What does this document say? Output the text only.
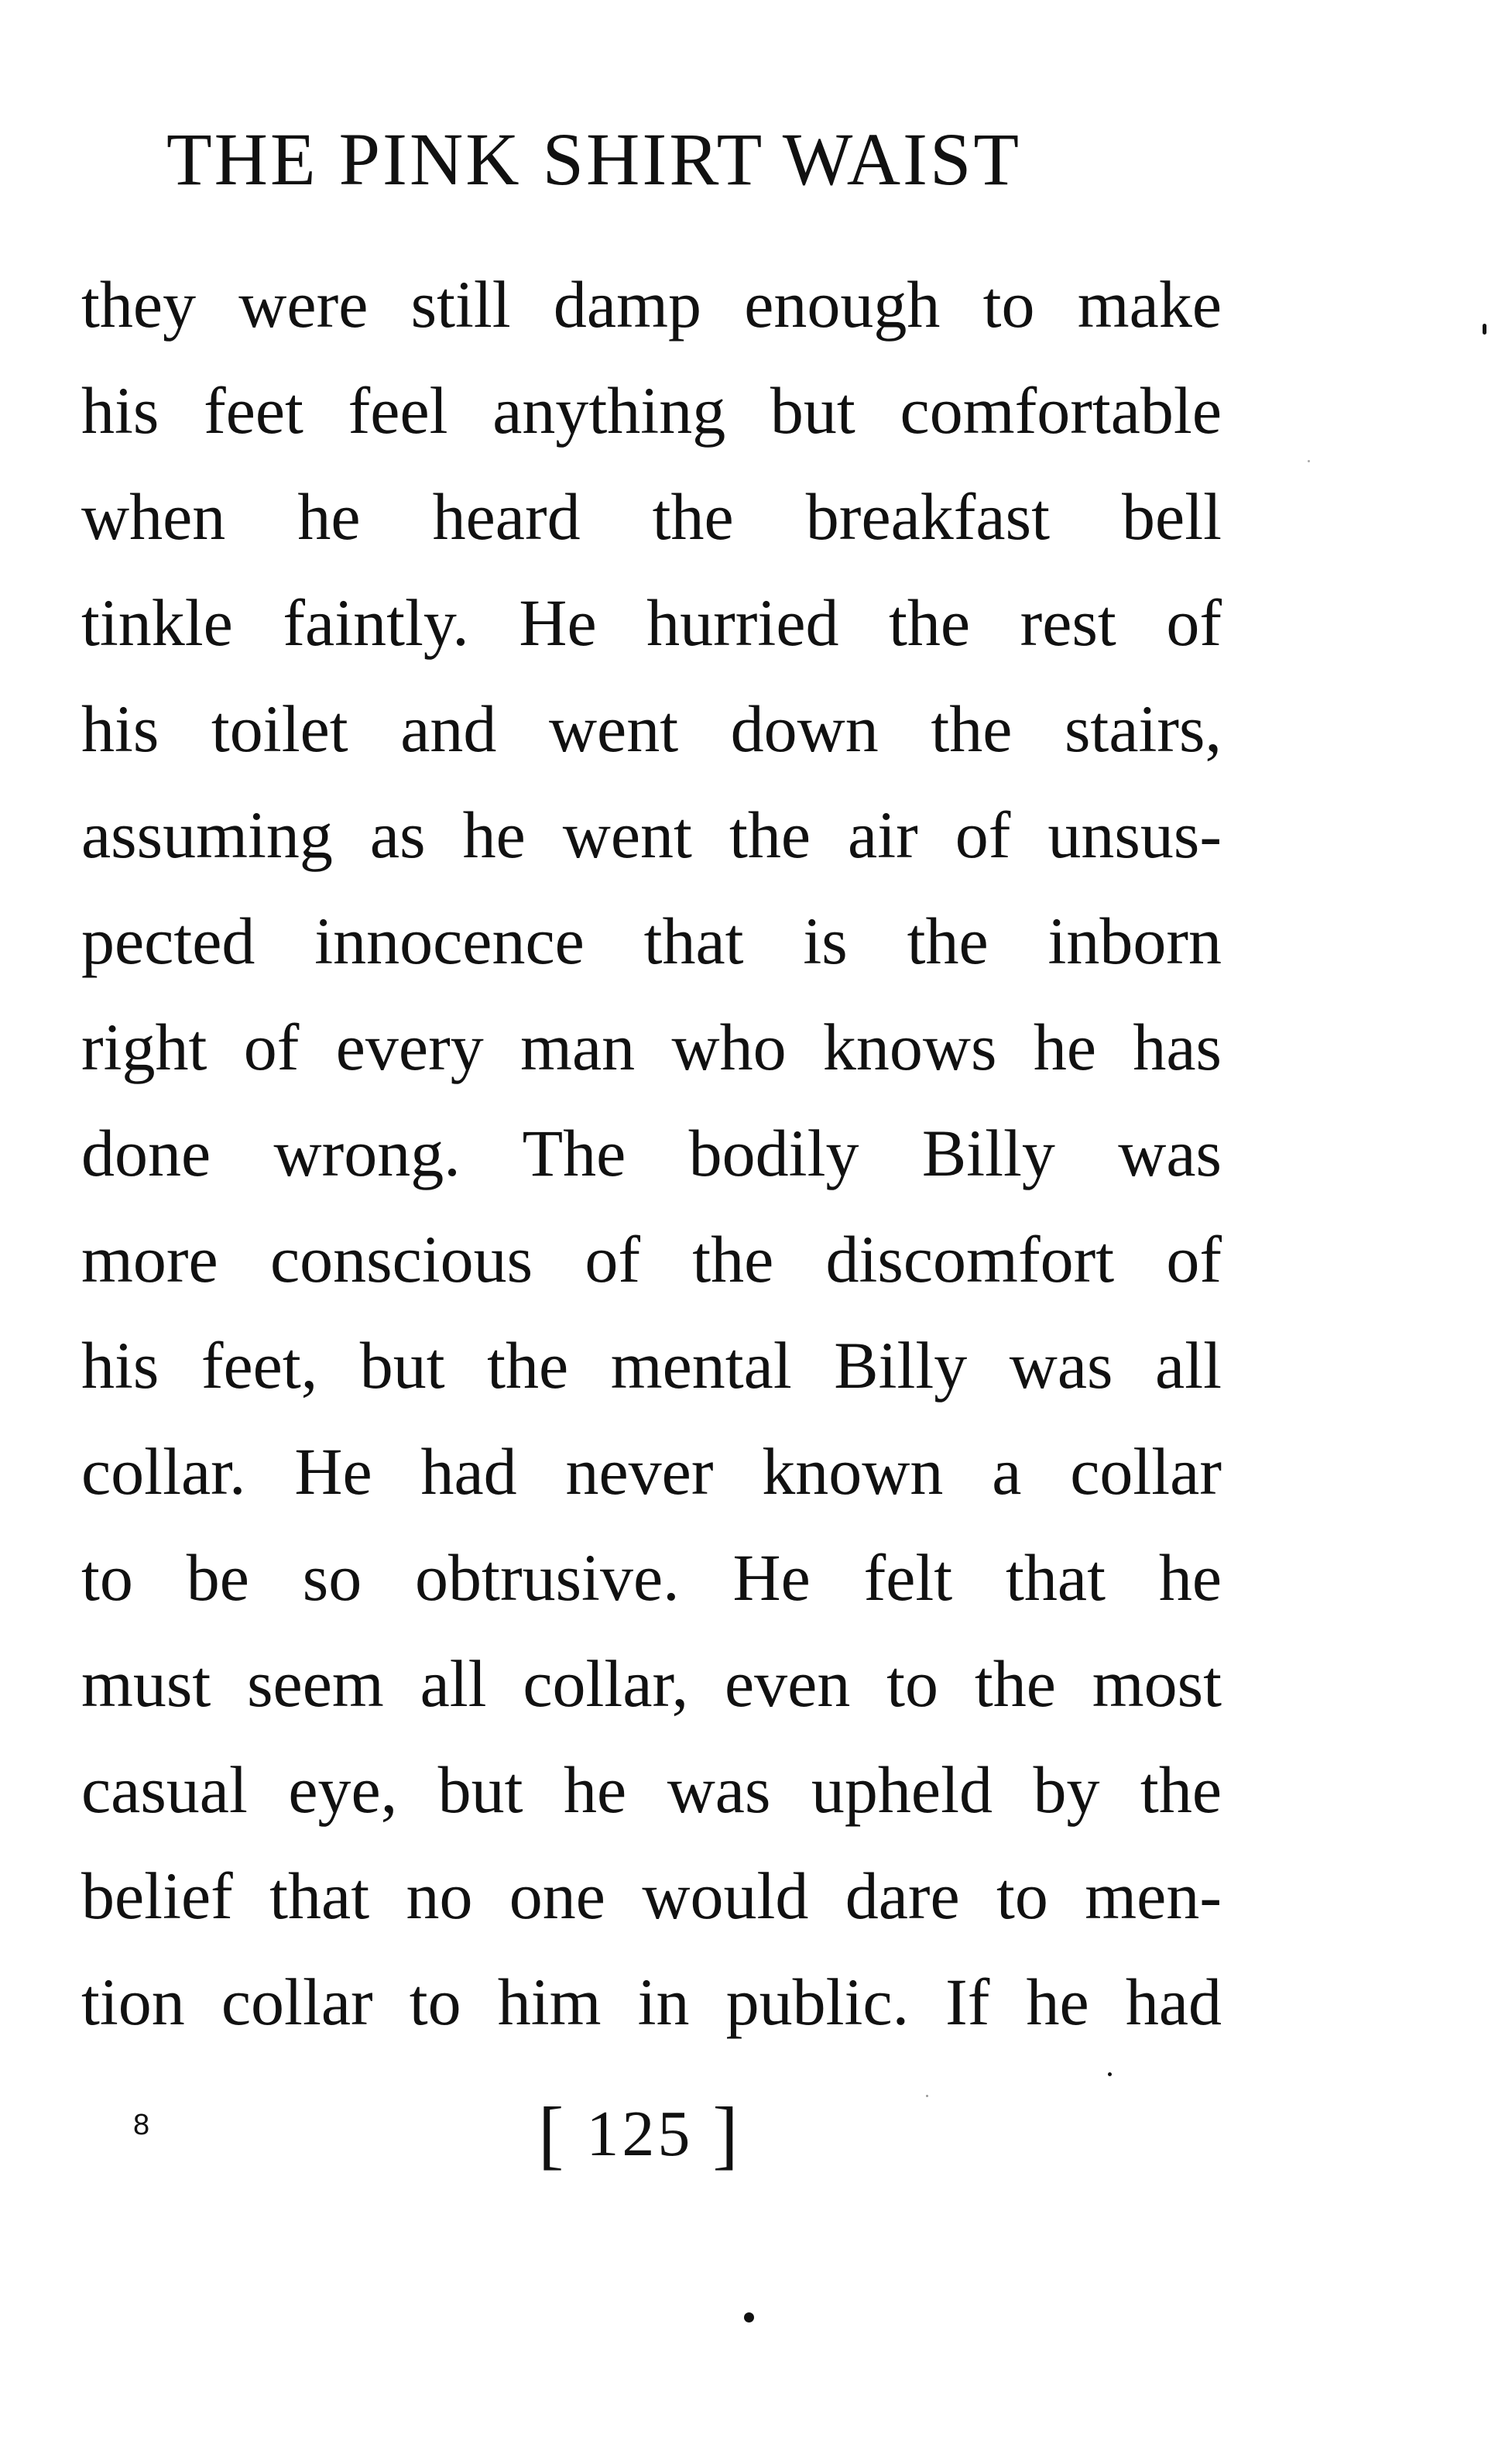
THE PINK SHIRT WAIST
they were still damp enough to make
his feet feel anything but comfortable
when he heard the breakfast bell
tinkle faintly. He hurried the rest of
his toilet and went down the stairs,
assuming as he went the air of unsus-
pected innocence that is the inborn
right of every man who knows he has
done wrong. The bodily Billy was
more conscious of the discomfort of
his feet, but the mental Billy was all
collar. He had never known a collar
to be so obtrusive. He felt that he
must seem all collar, even to the most
casual eye, but he was upheld by the
belief that no one would dare to men-
tion collar to him in public. If he had
8	[ 125 ]
